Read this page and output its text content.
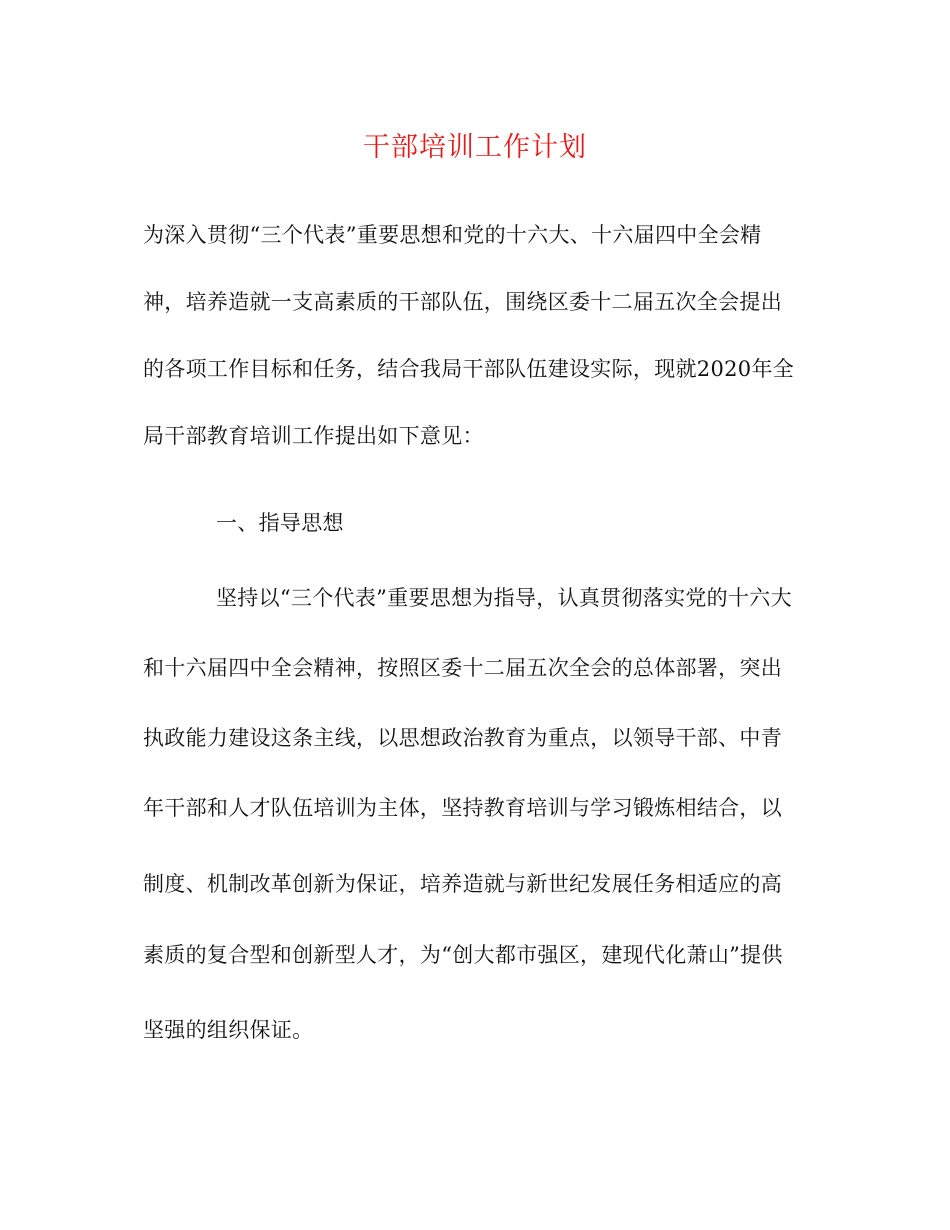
干部培训工作计划
为深入贯彻“三个代表”重要思想和党的十六大、十六届四中全会精
神，培养造就一支高素质的干部队伍，围绕区委十二届五次全会提出
的各项工作目标和任务，结合我局干部队伍建设实际，现就2020年全
局干部教育培训工作提出如下意见：
一、指导思想
坚持以“三个代表”重要思想为指导，认真贯彻落实党的十六大
和十六届四中全会精神，按照区委十二届五次全会的总体部署，突出
执政能力建设这条主线，以思想政治教育为重点，以领导干部、中青
年干部和人才队伍培训为主体，坚持教育培训与学习锻炼相结合，以
制度、机制改革创新为保证，培养造就与新世纪发展任务相适应的高
素质的复合型和创新型人才，为“创大都市强区，建现代化萧山”提供
坚强的组织保证。
